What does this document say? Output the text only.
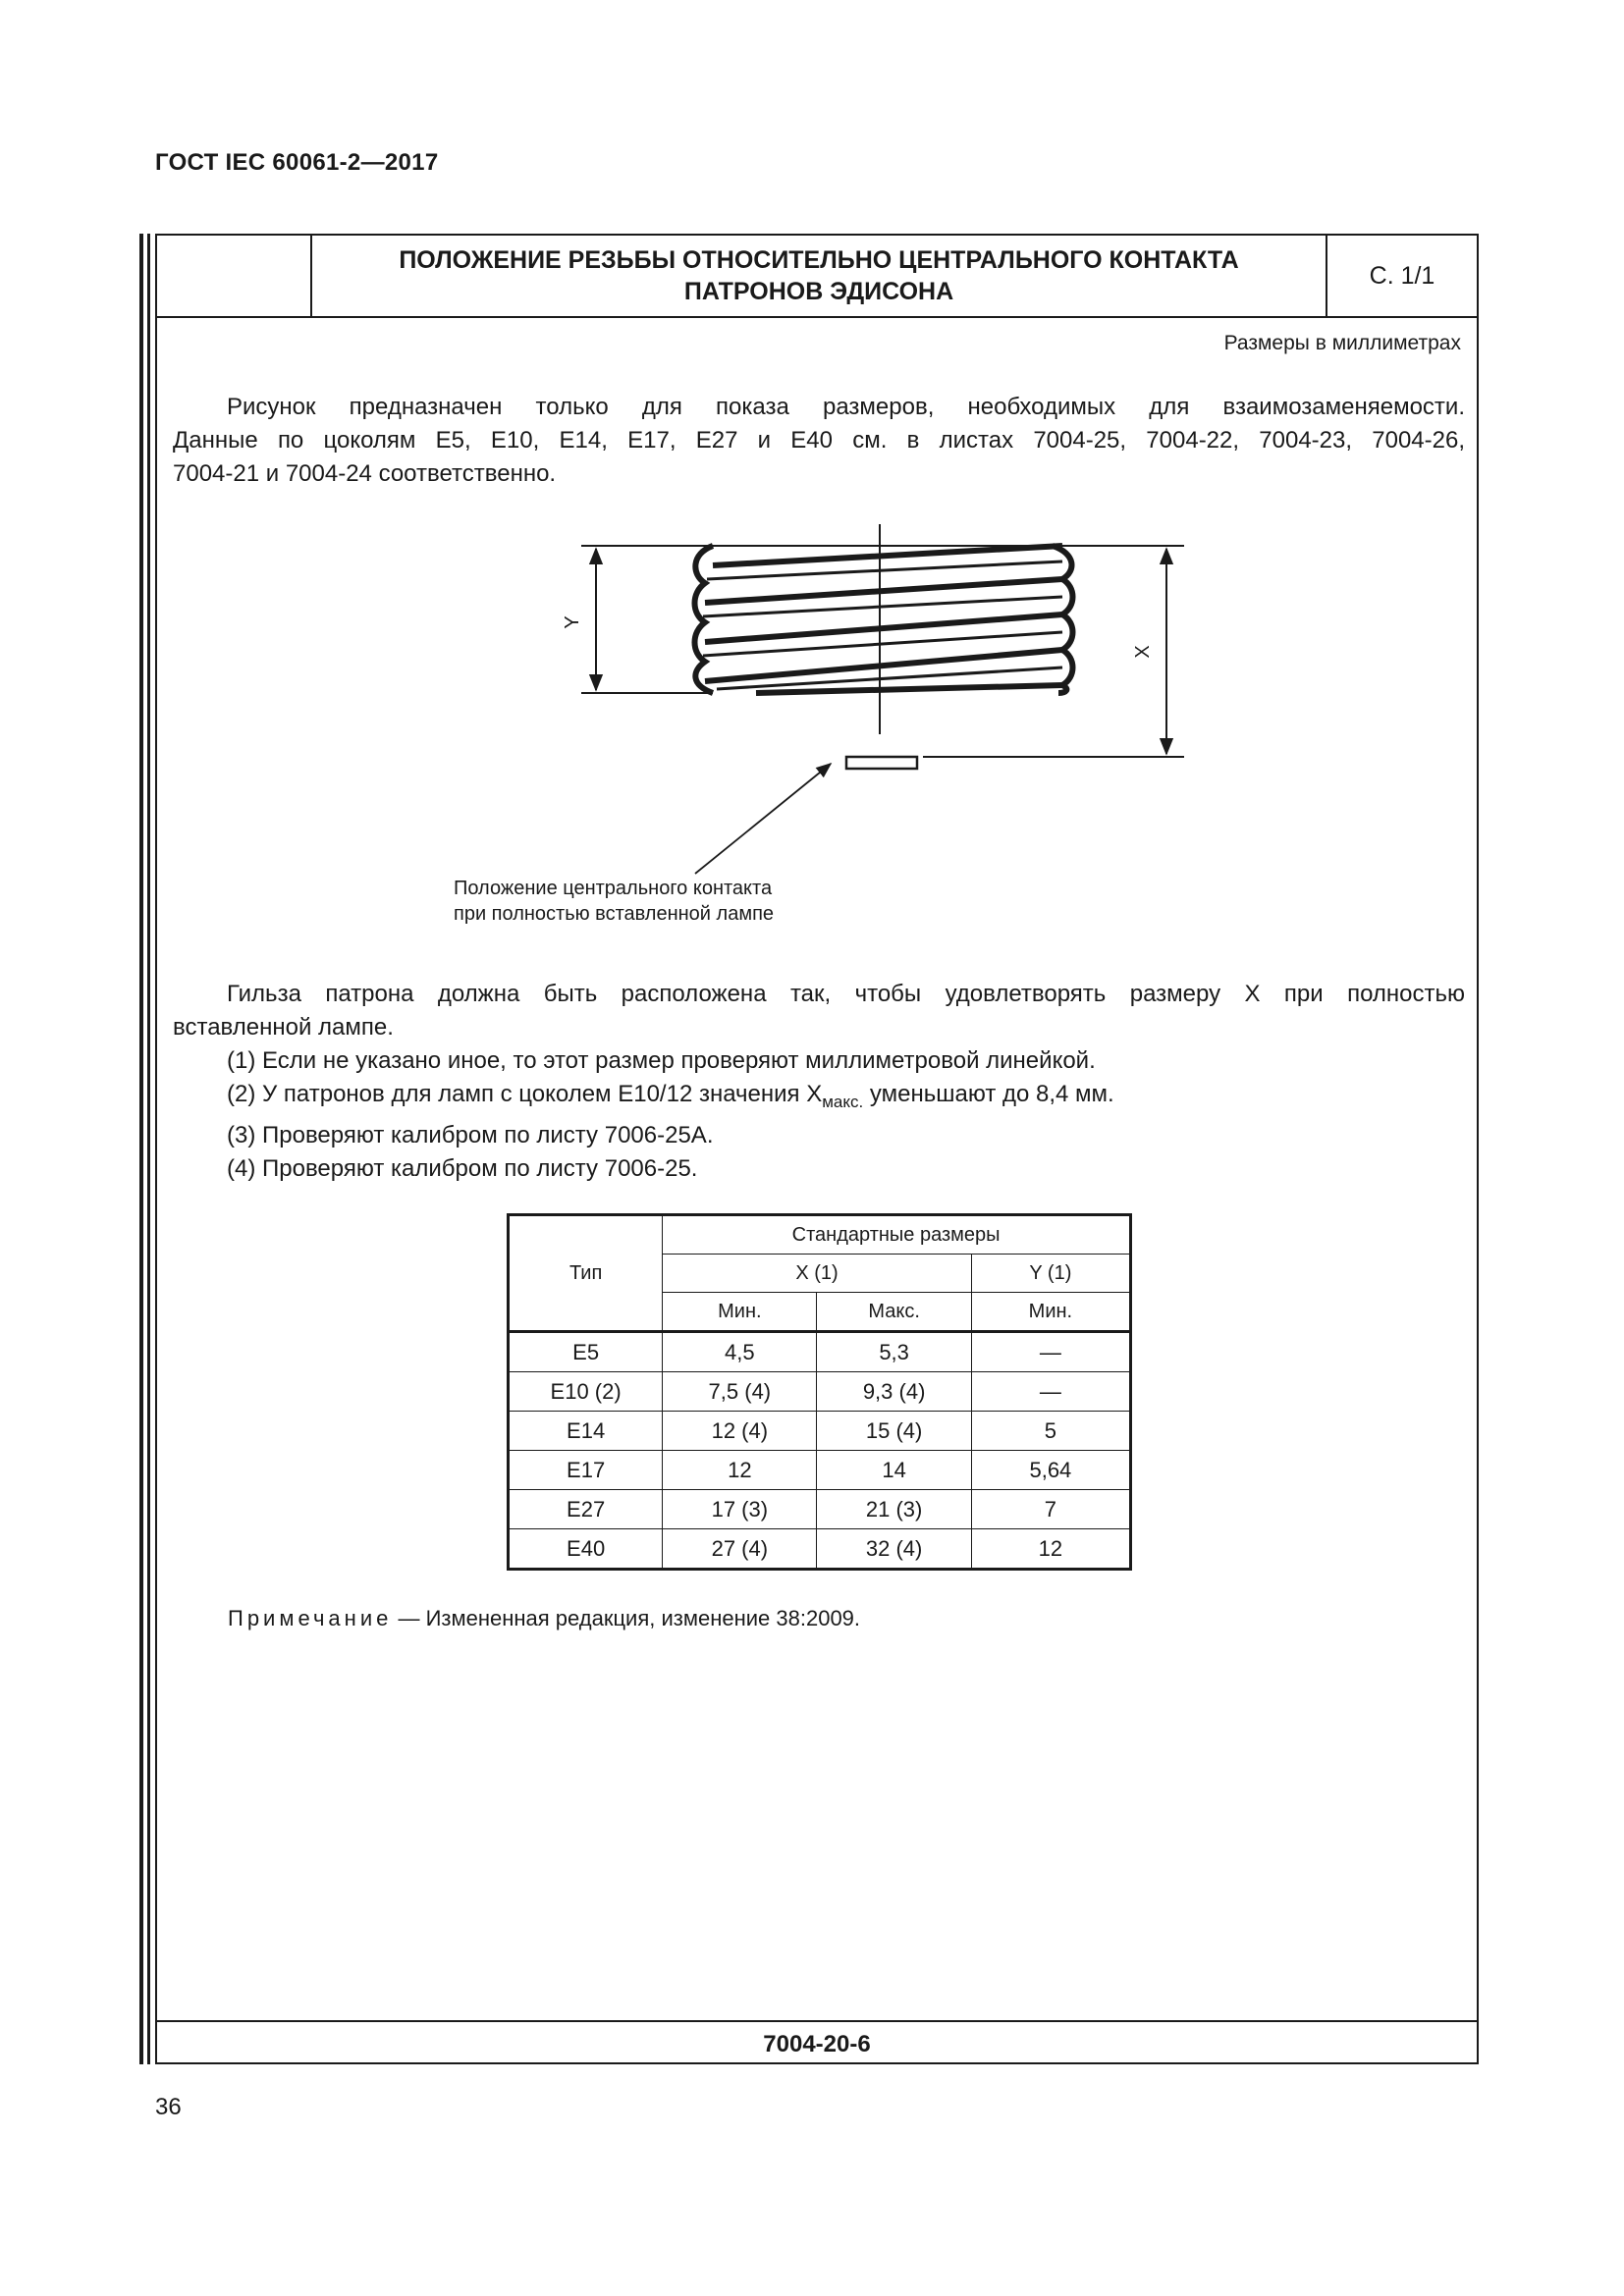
ГОСТ IEC 60061-2—2017
ПОЛОЖЕНИЕ РЕЗЬБЫ ОТНОСИТЕЛЬНО ЦЕНТРАЛЬНОГО КОНТАКТА
ПАТРОНОВ ЭДИСОНА
С. 1/1
Размеры в миллиметрах
Рисунок предназначен только для показа размеров, необходимых для взаимозаменяемости.
Данные по цоколям E5, E10, E14, E17, E27 и E40 см. в листах 7004-25, 7004-22, 7004-23, 7004-26,
7004-21 и 7004-24 соответственно.
Y
X
Положение центрального контакта
при полностью вставленной лампе
Гильза патрона должна быть расположена так, чтобы удовлетворять размеру X при полностью
вставленной лампе.
(1) Если не указано иное, то этот размер проверяют миллиметровой линейкой.
(2) У патронов для ламп с цоколем E10/12 значения $X_{макс.}$ уменьшают до 8,4 мм.
(3) Проверяют калибром по листу 7006-25A.
(4) Проверяют калибром по листу 7006-25.
Тип	Стандартные размеры		
	X (1)		Y (1)
	Мин.	Макс.	Мин.
E5	4,5	5,3	—
E10 (2)	7,5 (4)	9,3 (4)	—
E14	12 (4)	15 (4)	5
E17	12	14	5,64
E27	17 (3)	21 (3)	7
E40	27 (4)	32 (4)	12
Примечание — Измененная редакция, изменение 38:2009.
7004-20-6
36
